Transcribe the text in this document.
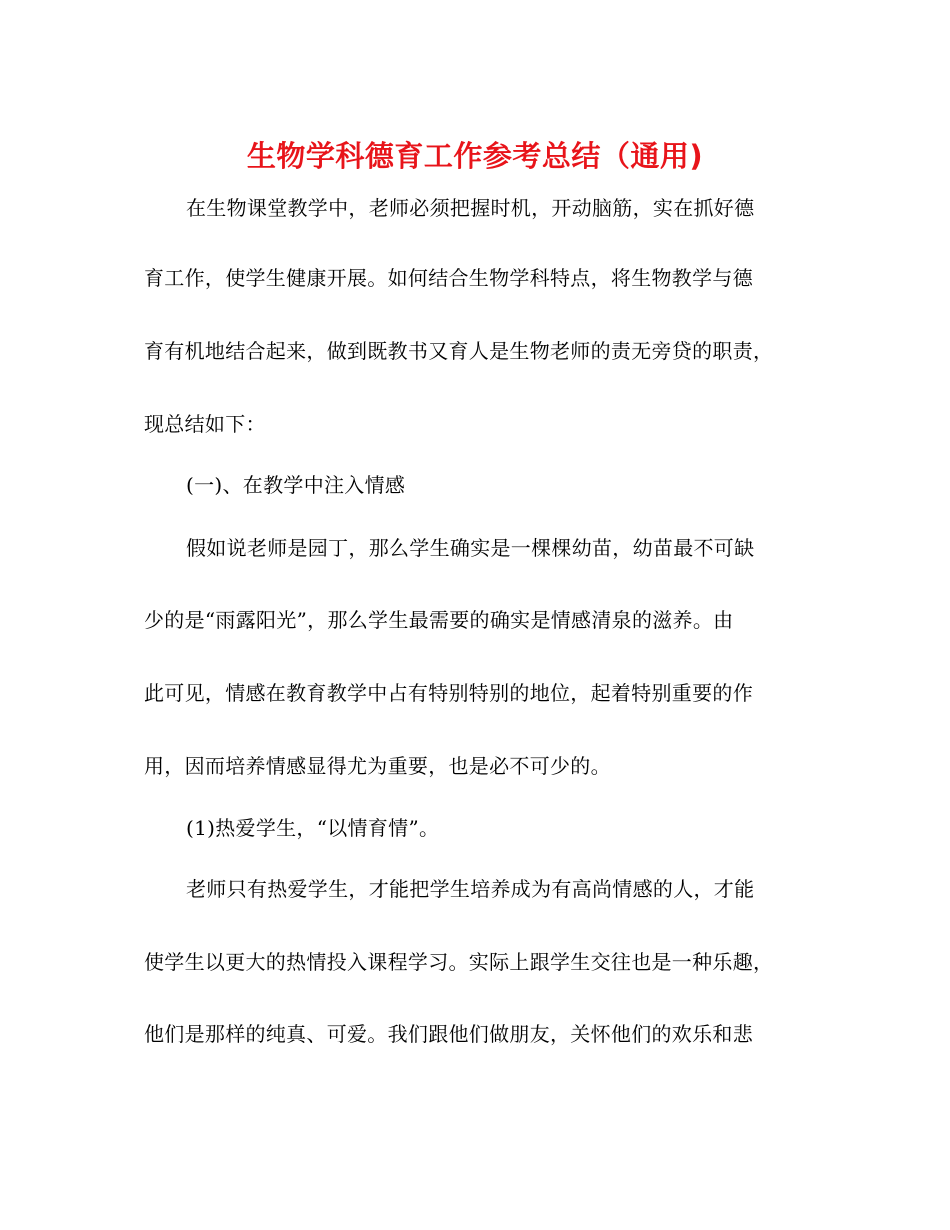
生物学科德育工作参考总结（通用)
在生物课堂教学中，老师必须把握时机，开动脑筋，实在抓好德
育工作，使学生健康开展。如何结合生物学科特点，将生物教学与德
育有机地结合起来，做到既教书又育人是生物老师的责无旁贷的职责，
现总结如下：
(一)、在教学中注入情感
假如说老师是园丁，那么学生确实是一棵棵幼苗，幼苗最不可缺
少的是“雨露阳光”，那么学生最需要的确实是情感清泉的滋养。由
此可见，情感在教育教学中占有特别特别的地位，起着特别重要的作
用，因而培养情感显得尤为重要，也是必不可少的。
(1)热爱学生，“以情育情”。
老师只有热爱学生，才能把学生培养成为有高尚情感的人，才能
使学生以更大的热情投入课程学习。实际上跟学生交往也是一种乐趣，
他们是那样的纯真、可爱。我们跟他们做朋友，关怀他们的欢乐和悲
